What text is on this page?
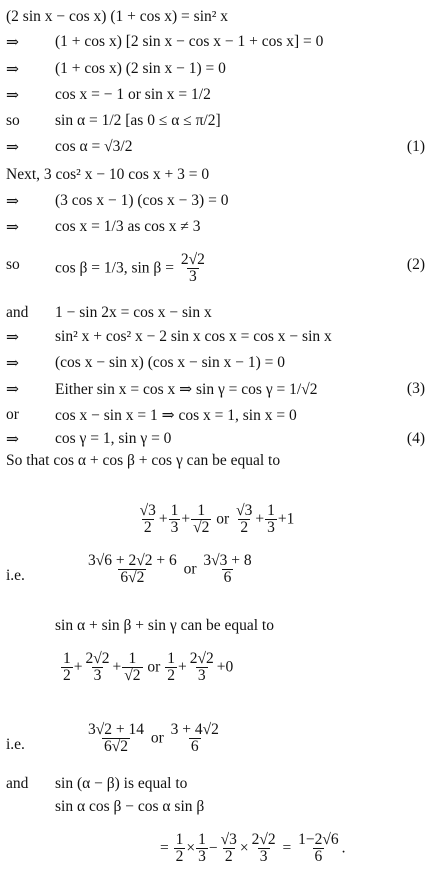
(2 sin x − cos x) (1 + cos x) = sin² x
⇒ (1 + cos x) [2 sin x − cos x − 1 + cos x] = 0
⇒ (1 + cos x) (2 sin x − 1) = 0
⇒ cos x = − 1 or sin x = 1/2
so sin α = 1/2 [as 0 ≤ α ≤ π/2]
⇒ cos α = √3/2	(1)
Next, 3 cos² x − 10 cos x + 3 = 0
⇒ (3 cos x − 1) (cos x − 3) = 0
⇒ cos x = 1/3 as cos x ≠ 3
so cos β = 1/3, $\sin \beta = \frac{2√2}{3}$	(2)
and 1 − sin 2x = cos x − sin x
⇒ sin² x + cos² x − 2 sin x cos x = cos x − sin x
⇒ (cos x − sin x) (cos x − sin x − 1) = 0
⇒ Either sin x = cos x ⇒ sin γ = cos γ = 1/√2	(3)
or cos x − sin x = 1 ⇒ cos x = 1, sin x = 0
⇒ cos γ = 1, sin γ = 0	(4)
So that cos α + cos β + cos γ can be equal to
$\frac{√3}{2} + \frac{1}{3} + \frac{1}{√2}$ or $\frac{√3}{2} + \frac{1}{3} +1$
i.e.	$\frac{3√6 + 2√2 + 6}{6√2}$ or $\frac{3√3 + 8}{6}$
sin α + sin β + sin γ can be equal to
$\frac{1}{2} + \frac{2√2}{3} + \frac{1}{√2}$ or $\frac{1}{2} + \frac{2√2}{3} +0$
i.e.	$\frac{3√2 + 14}{6√2}$ or $\frac{3 + 4√2}{6}$
and sin (α − β) is equal to
sin α cos β − cos α sin β
= $\frac{1}{2} \times \frac{1}{3} - \frac{√3}{2} \times \frac{2√2}{3} = \frac{1-2√6}{6}$ .
